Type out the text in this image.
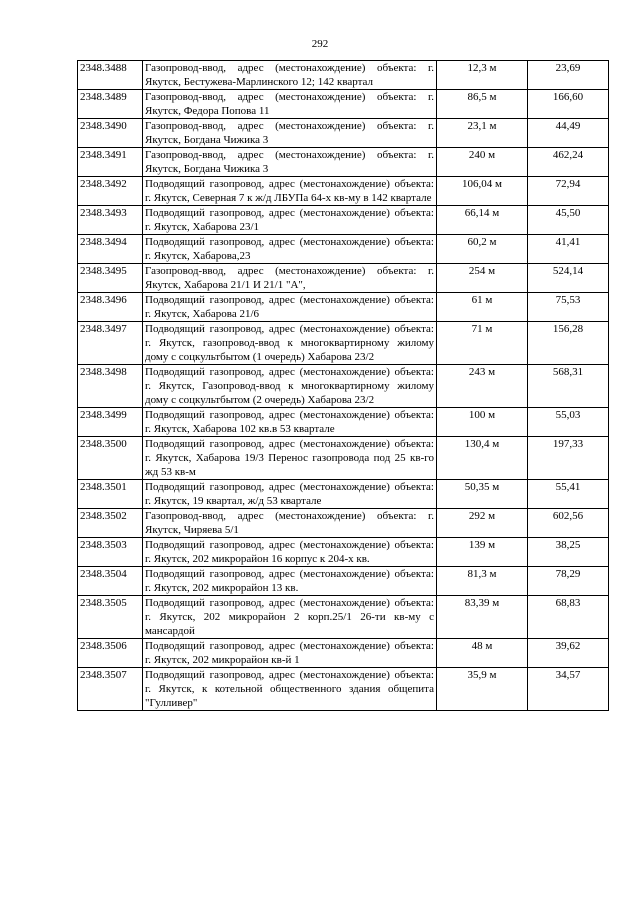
292
2348.3488	Газопровод-ввод, адрес (местонахождение) объекта: г. Якутск, Бестужева-Марлинского 12; 142 квартал	12,3 м	23,69
2348.3489	Газопровод-ввод, адрес (местонахождение) объекта: г. Якутск, Федора Попова 11	86,5 м	166,60
2348.3490	Газопровод-ввод, адрес (местонахождение) объекта: г. Якутск, Богдана Чижика 3	23,1 м	44,49
2348.3491	Газопровод-ввод, адрес (местонахождение) объекта: г. Якутск, Богдана Чижика 3	240 м	462,24
2348.3492	Подводящий газопровод, адрес (местонахождение) объекта: г. Якутск, Северная 7 к ж/д ЛБУПа 64-х кв-му в 142 квартале	106,04 м	72,94
2348.3493	Подводящий газопровод, адрес (местонахождение) объекта: г. Якутск, Хабарова 23/1	66,14 м	45,50
2348.3494	Подводящий газопровод, адрес (местонахождение) объекта: г. Якутск, Хабарова,23	60,2 м	41,41
2348.3495	Газопровод-ввод, адрес (местонахождение) объекта: г. Якутск, Хабарова 21/1 И 21/1 "А",	254 м	524,14
2348.3496	Подводящий газопровод, адрес (местонахождение) объекта: г. Якутск, Хабарова 21/6	61 м	75,53
2348.3497	Подводящий газопровод, адрес (местонахождение) объекта: г. Якутск, газопровод-ввод к многоквартирному жилому дому с соцкультбытом (1 очередь) Хабарова 23/2	71 м	156,28
2348.3498	Подводящий газопровод, адрес (местонахождение) объекта: г. Якутск, Газопровод-ввод к многоквартирному жилому дому с соцкультбытом (2 очередь) Хабарова 23/2	243 м	568,31
2348.3499	Подводящий газопровод, адрес (местонахождение) объекта: г. Якутск, Хабарова 102 кв.в 53 квартале	100 м	55,03
2348.3500	Подводящий газопровод, адрес (местонахождение) объекта: г. Якутск, Хабарова 19/3 Перенос газопровода под 25 кв-го жд 53 кв-м	130,4 м	197,33
2348.3501	Подводящий газопровод, адрес (местонахождение) объекта: г. Якутск, 19 квартал, ж/д 53 квартале	50,35 м	55,41
2348.3502	Газопровод-ввод, адрес (местонахождение) объекта: г. Якутск, Чиряева 5/1	292 м	602,56
2348.3503	Подводящий газопровод, адрес (местонахождение) объекта: г. Якутск, 202 микрорайон 16 корпус к 204-х кв.	139 м	38,25
2348.3504	Подводящий газопровод, адрес (местонахождение) объекта: г. Якутск, 202 микрорайон 13 кв.	81,3 м	78,29
2348.3505	Подводящий газопровод, адрес (местонахождение) объекта: г. Якутск, 202 микрорайон 2 корп.25/1 26-ти кв-му с мансардой	83,39 м	68,83
2348.3506	Подводящий газопровод, адрес (местонахождение) объекта: г. Якутск, 202 микрорайон кв-й 1	48 м	39,62
2348.3507	Подводящий газопровод, адрес (местонахождение) объекта: г. Якутск, к котельной общественного здания общепита "Гулливер"	35,9 м	34,57
